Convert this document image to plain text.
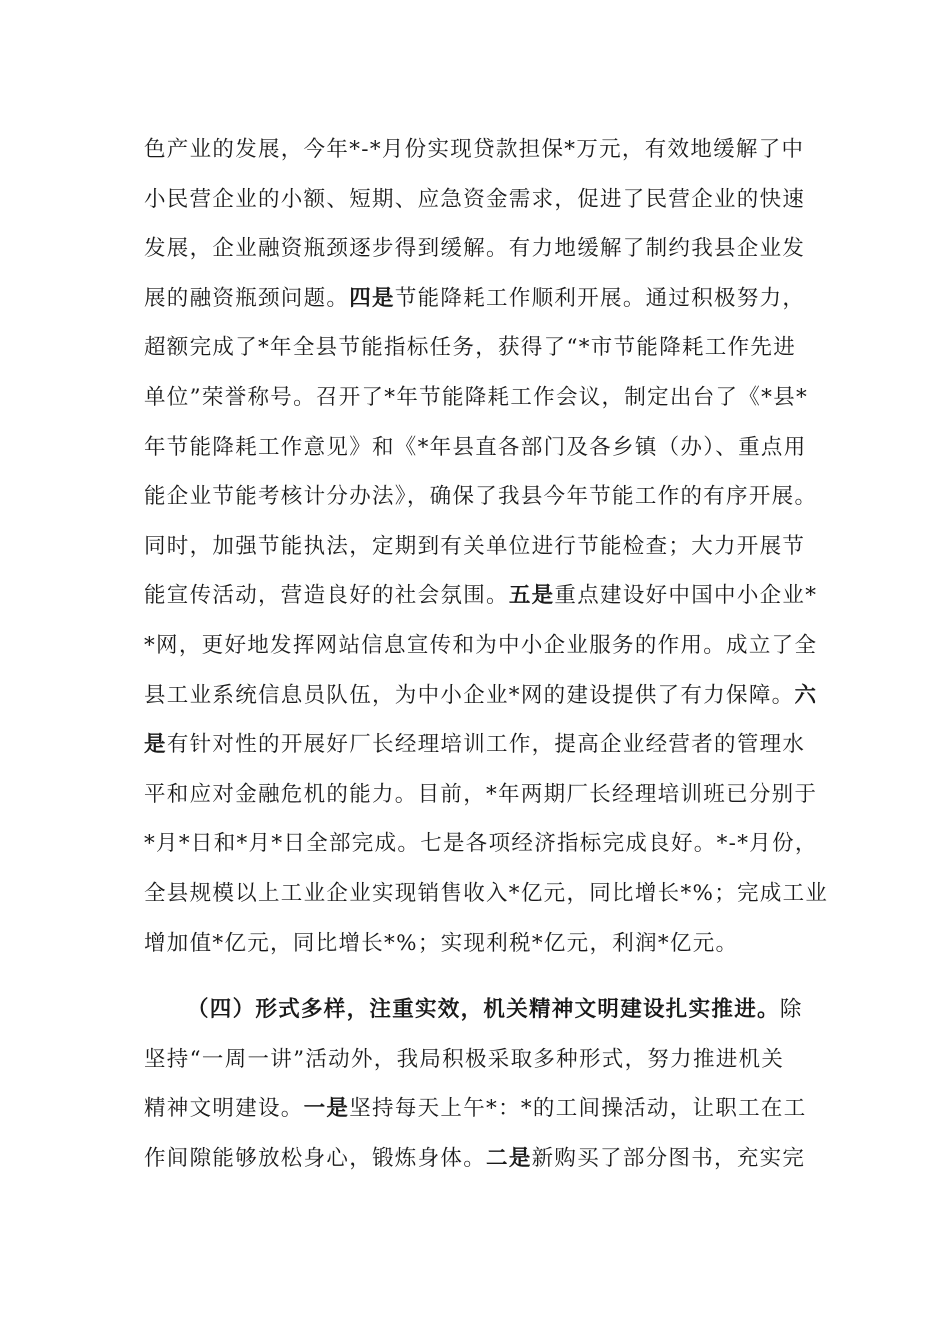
色产业的发展，今年*-*月份实现贷款担保*万元，有效地缓解了中
小民营企业的小额、短期、应急资金需求，促进了民营企业的快速
发展，企业融资瓶颈逐步得到缓解。有力地缓解了制约我县企业发
展的融资瓶颈问题。四是节能降耗工作顺利开展。通过积极努力，
超额完成了*年全县节能指标任务，获得了“*市节能降耗工作先进
单位”荣誉称号。召开了*年节能降耗工作会议，制定出台了《*县*
年节能降耗工作意见》和《*年县直各部门及各乡镇（办）、重点用
能企业节能考核计分办法》，确保了我县今年节能工作的有序开展。
同时，加强节能执法，定期到有关单位进行节能检查；大力开展节
能宣传活动，营造良好的社会氛围。五是重点建设好中国中小企业*
*网，更好地发挥网站信息宣传和为中小企业服务的作用。成立了全
县工业系统信息员队伍，为中小企业*网的建设提供了有力保障。六
是有针对性的开展好厂长经理培训工作，提高企业经营者的管理水
平和应对金融危机的能力。目前，*年两期厂长经理培训班已分别于
*月*日和*月*日全部完成。七是各项经济指标完成良好。*-*月份，
全县规模以上工业企业实现销售收入*亿元，同比增长*%；完成工业
增加值*亿元，同比增长*%；实现利税*亿元，利润*亿元。
（四）形式多样，注重实效，机关精神文明建设扎实推进。除
坚持“一周一讲”活动外，我局积极采取多种形式，努力推进机关
精神文明建设。一是坚持每天上午*：*的工间操活动，让职工在工
作间隙能够放松身心，锻炼身体。二是新购买了部分图书，充实完
